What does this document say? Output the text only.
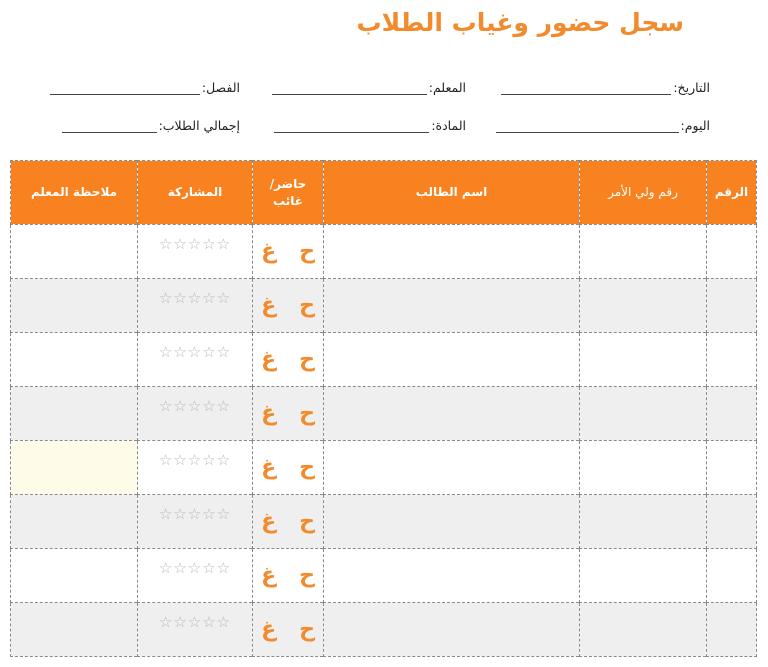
سجل حضور وغياب الطلاب
التاريخ:
المعلم:
الفصل:
اليوم:
المادة:
إجمالي الطلاب:
الرقم	رقم ولي الأمر	اسم الطالب	حاضر/ غائب	المشاركة	ملاحظة المعلم
			ح   غ	☆☆☆☆☆	
			ح   غ	☆☆☆☆☆	
			ح   غ	☆☆☆☆☆	
			ح   غ	☆☆☆☆☆	
			ح   غ	☆☆☆☆☆	
			ح   غ	☆☆☆☆☆	
			ح   غ	☆☆☆☆☆	
			ح   غ	☆☆☆☆☆	
